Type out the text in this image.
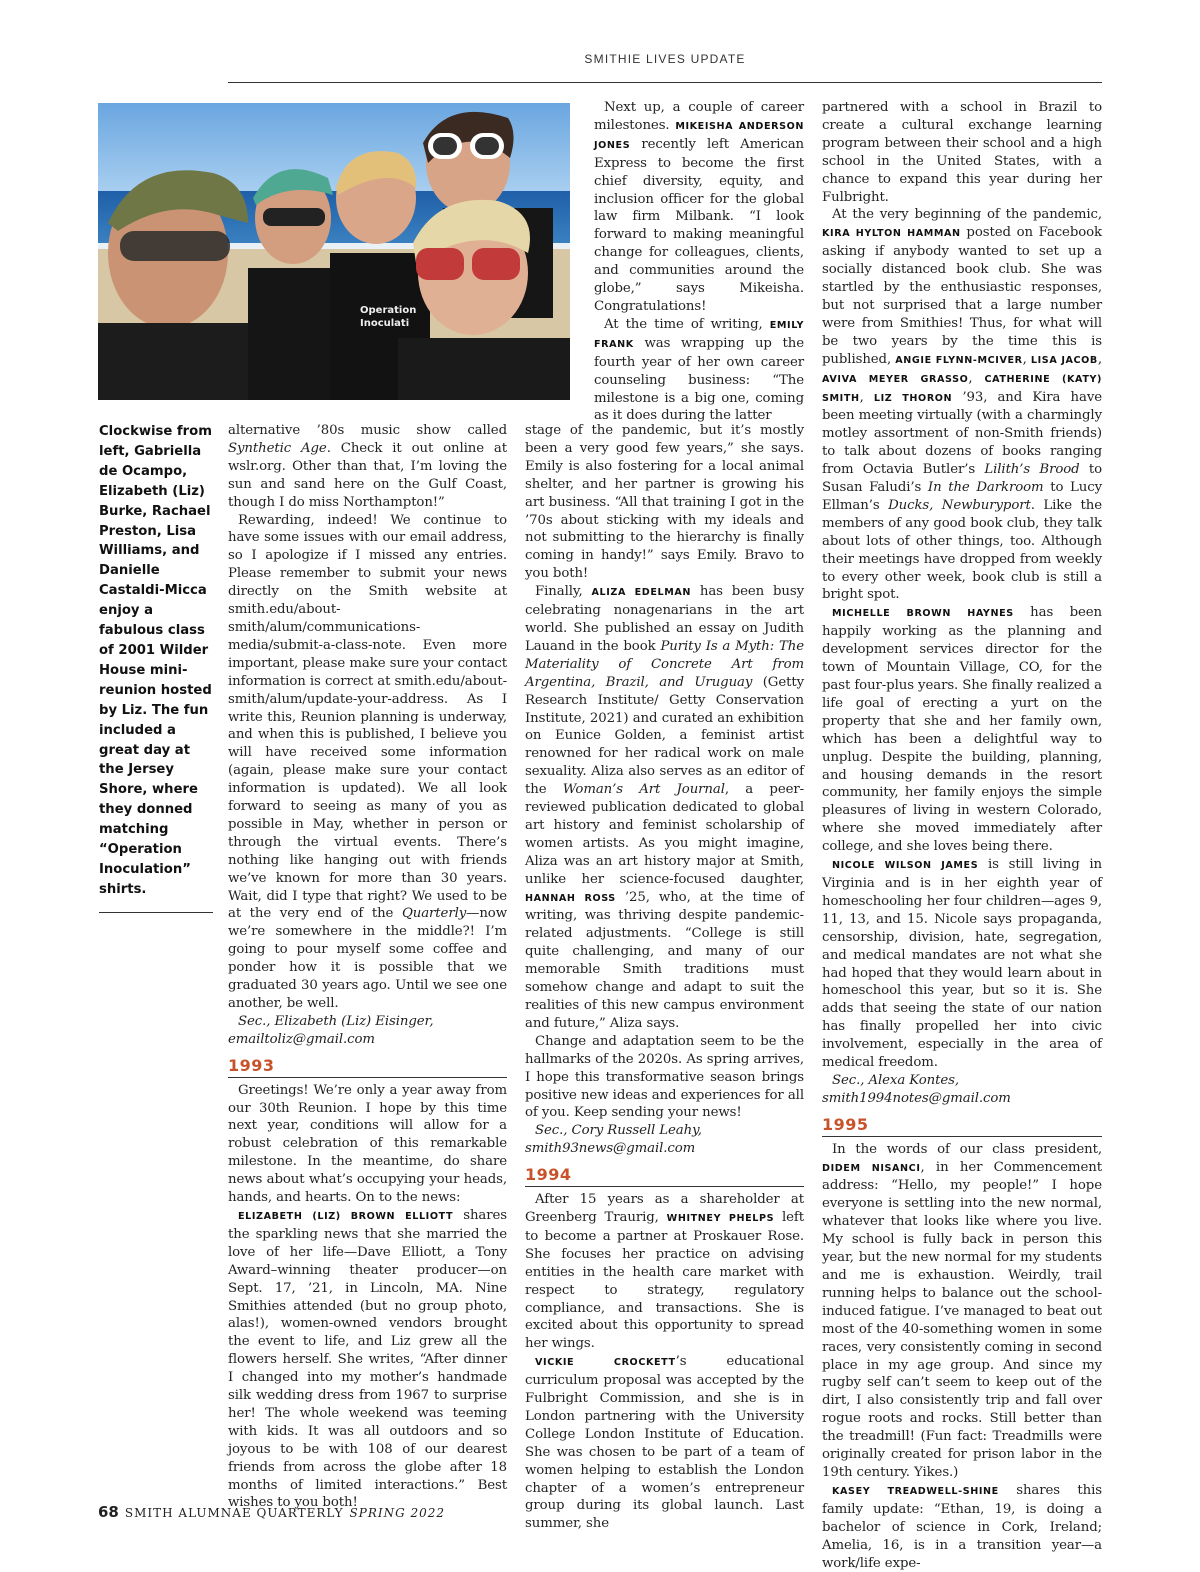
SMITHIE LIVES UPDATE
Operation
Inoculati

Clockwise from left, Gabriella de Ocampo, Elizabeth (Liz) Burke, Rachael Preston, Lisa Williams, and Danielle Castaldi-Micca enjoy a fabulous class of 2001 Wilder House mini-reunion hosted by Liz. The fun included a great day at the Jersey Shore, where they donned matching “Operation Inoculation” shirts.

alternative ’80s music show called Synthetic Age. Check it out online at wslr.org. Other than that, I’m loving the sun and sand here on the Gulf Coast, though I do miss Northampton!”

Rewarding, indeed! We continue to have some issues with our email address, so I apologize if I missed any entries. Please remember to submit your news directly on the Smith website at smith.edu/about-smith/alum/communications-media/submit-a-class-note. Even more important, please make sure your contact information is correct at smith.edu/about-smith/alum/update-your-address. As I write this, Reunion planning is underway, and when this is published, I believe you will have received some information (again, please make sure your contact information is updated). We all look forward to seeing as many of you as possible in May, whether in person or through the virtual events. There’s nothing like hanging out with friends we’ve known for more than 30 years. Wait, did I type that right? We used to be at the very end of the Quarterly—now we’re somewhere in the middle?! I’m going to pour myself some coffee and ponder how it is possible that we graduated 30 years ago. Until we see one another, be well.

Sec., Elizabeth (Liz) Eisinger,

emailtoliz@gmail.com

1993

Greetings! We’re only a year away from our 30th Reunion. I hope by this time next year, conditions will allow for a robust celebration of this remarkable milestone. In the meantime, do share news about what’s occupying your heads, hands, and hearts. On to the news:

ELIZABETH (LIZ) BROWN ELLIOTT shares the sparkling news that she married the love of her life—Dave Elliott, a Tony Award–winning theater producer—on Sept. 17, ’21, in Lincoln, MA. Nine Smithies attended (but no group photo, alas!), women-owned vendors brought the event to life, and Liz grew all the flowers herself. She writes, “After dinner I changed into my mother’s handmade silk wedding dress from 1967 to surprise her! The whole weekend was teeming with kids. It was all outdoors and so joyous to be with 108 of our dearest friends from across the globe after 18 months of limited interactions.” Best wishes to you both!

Next up, a couple of career milestones. MIKEISHA ANDERSON JONES recently left American Express to become the first chief diversity, equity, and inclusion officer for the global law firm Milbank. “I look forward to making meaningful change for colleagues, clients, and communities around the globe,” says Mikeisha. Congratulations!

At the time of writing, EMILY FRANK was wrapping up the fourth year of her own career counseling business: “The milestone is a big one, coming as it does during the latter

stage of the pandemic, but it’s mostly been a very good few years,” she says. Emily is also fostering for a local animal shelter, and her partner is growing his art business. “All that training I got in the ’70s about sticking with my ideals and not submitting to the hierarchy is finally coming in handy!” says Emily. Bravo to you both!

Finally, ALIZA EDELMAN has been busy celebrating nonagenarians in the art world. She published an essay on Judith Lauand in the book Purity Is a Myth: The Materiality of Concrete Art from Argentina, Brazil, and Uruguay (Getty Research Institute/ Getty Conservation Institute, 2021) and curated an exhibition on Eunice Golden, a feminist artist renowned for her radical work on male sexuality. Aliza also serves as an editor of the Woman’s Art Journal, a peer-reviewed publication dedicated to global art history and feminist scholarship of women artists. As you might imagine, Aliza was an art history major at Smith, unlike her science-focused daughter, HANNAH ROSS ’25, who, at the time of writing, was thriving despite pandemic-related adjustments. “College is still quite challenging, and many of our memorable Smith traditions must somehow change and adapt to suit the realities of this new campus environment and future,” Aliza says.

Change and adaptation seem to be the hallmarks of the 2020s. As spring arrives, I hope this transformative season brings positive new ideas and experiences for all of you. Keep sending your news!

Sec., Cory Russell Leahy,

smith93news@gmail.com

1994

After 15 years as a shareholder at Greenberg Traurig, WHITNEY PHELPS left to become a partner at Proskauer Rose. She focuses her practice on advising entities in the health care market with respect to strategy, regulatory compliance, and transactions. She is excited about this opportunity to spread her wings.

VICKIE CROCKETT’s educational curriculum proposal was accepted by the Fulbright Commission, and she is in London partnering with the University College London Institute of Education. She was chosen to be part of a team of women helping to establish the London chapter of a women’s entrepreneur group during its global launch. Last summer, she

partnered with a school in Brazil to create a cultural exchange learning program between their school and a high school in the United States, with a chance to expand this year during her Fulbright.

At the very beginning of the pandemic, KIRA HYLTON HAMMAN posted on Facebook asking if anybody wanted to set up a socially distanced book club. She was startled by the enthusiastic responses, but not surprised that a large number were from Smithies! Thus, for what will be two years by the time this is published, ANGIE FLYNN-MCIVER, LISA JACOB, AVIVA MEYER GRASSO, CATHERINE (KATY) SMITH, LIZ THORON ’93, and Kira have been meeting virtually (with a charmingly motley assortment of non-Smith friends) to talk about dozens of books ranging from Octavia Butler’s Lilith’s Brood to Susan Faludi’s In the Darkroom to Lucy Ellman’s Ducks, Newburyport. Like the members of any good book club, they talk about lots of other things, too. Although their meetings have dropped from weekly to every other week, book club is still a bright spot.

MICHELLE BROWN HAYNES has been happily working as the planning and development services director for the town of Mountain Village, CO, for the past four-plus years. She finally realized a life goal of erecting a yurt on the property that she and her family own, which has been a delightful way to unplug. Despite the building, planning, and housing demands in the resort community, her family enjoys the simple pleasures of living in western Colorado, where she moved immediately after college, and she loves being there.

NICOLE WILSON JAMES is still living in Virginia and is in her eighth year of homeschooling her four children—ages 9, 11, 13, and 15. Nicole says propaganda, censorship, division, hate, segregation, and medical mandates are not what she had hoped that they would learn about in homeschool this year, but so it is. She adds that seeing the state of our nation has finally propelled her into civic involvement, especially in the area of medical freedom.

Sec., Alexa Kontes,

smith1994notes@gmail.com

1995

In the words of our class president, DIDEM NISANCI, in her Commencement address: “Hello, my people!” I hope everyone is settling into the new normal, whatever that looks like where you live. My school is fully back in person this year, but the new normal for my students and me is exhaustion. Weirdly, trail running helps to balance out the school-induced fatigue. I’ve managed to beat out most of the 40-something women in some races, very consistently coming in second place in my age group. And since my rugby self can’t seem to keep out of the dirt, I also consistently trip and fall over rogue roots and rocks. Still better than the treadmill! (Fun fact: Treadmills were originally created for prison labor in the 19th century. Yikes.)

KASEY TREADWELL-SHINE shares this family update: “Ethan, 19, is doing a bachelor of science in Cork, Ireland; Amelia, 16, is in a transition year—a work/life expe-

68 SMITH ALUMNAE QUARTERLY SPRING 2022
